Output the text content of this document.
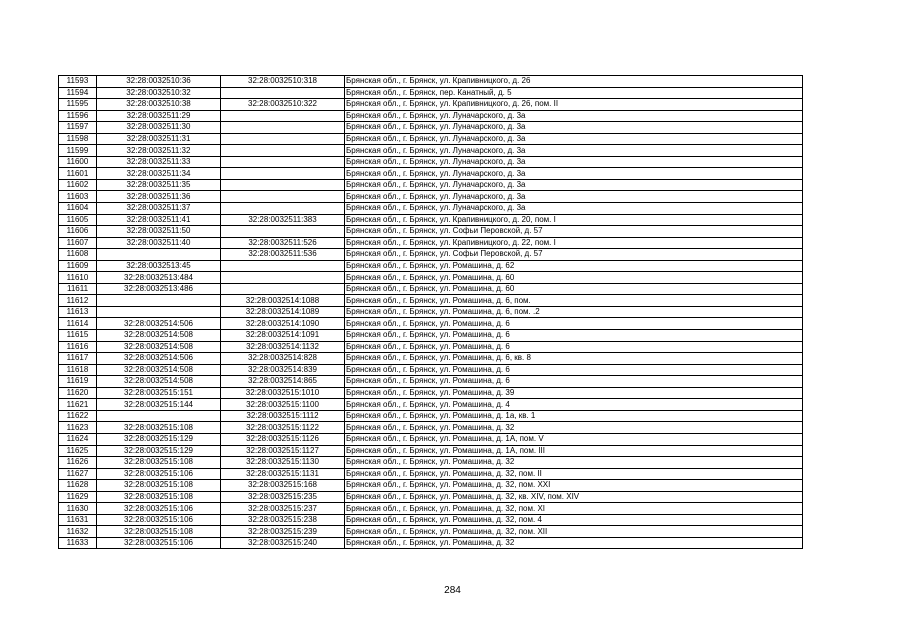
11593	32:28:0032510:36	32:28:0032510:318	Брянская обл., г. Брянск, ул. Крапивницкого, д. 26
11594	32:28:0032510:32		Брянская обл., г. Брянск, пер. Канатный, д. 5
11595	32:28:0032510:38	32:28:0032510:322	Брянская обл., г. Брянск, ул. Крапивницкого, д. 26, пом. II
11596	32:28:0032511:29		Брянская обл., г. Брянск, ул. Луначарского, д. 3а
11597	32:28:0032511:30		Брянская обл., г. Брянск, ул. Луначарского, д. 3а
11598	32:28:0032511:31		Брянская обл., г. Брянск, ул. Луначарского, д. 3а
11599	32:28:0032511:32		Брянская обл., г. Брянск, ул. Луначарского, д. 3а
11600	32:28:0032511:33		Брянская обл., г. Брянск, ул. Луначарского, д. 3а
11601	32:28:0032511:34		Брянская обл., г. Брянск, ул. Луначарского, д. 3а
11602	32:28:0032511:35		Брянская обл., г. Брянск, ул. Луначарского, д. 3а
11603	32:28:0032511:36		Брянская обл., г. Брянск, ул. Луначарского, д. 3а
11604	32:28:0032511:37		Брянская обл., г. Брянск, ул. Луначарского, д. 3а
11605	32:28:0032511:41	32:28:0032511:383	Брянская обл., г. Брянск, ул. Крапивницкого, д. 20, пом. I
11606	32:28:0032511:50		Брянская обл., г. Брянск, ул. Софьи Перовской, д. 57
11607	32:28:0032511:40	32:28:0032511:526	Брянская обл., г. Брянск, ул. Крапивницкого, д. 22, пом. I
11608		32:28:0032511:536	Брянская обл., г. Брянск, ул. Софьи Перовской, д. 57
11609	32:28:0032513:45		Брянская обл., г. Брянск, ул. Ромашина, д. 62
11610	32:28:0032513:484		Брянская обл., г. Брянск, ул. Ромашина, д. 60
11611	32:28:0032513:486		Брянская обл., г. Брянск, ул. Ромашина, д. 60
11612		32:28:0032514:1088	Брянская обл., г. Брянск, ул. Ромашина, д. 6, пом.
11613		32:28:0032514:1089	Брянская обл., г. Брянск, ул. Ромашина, д. 6, пом. .2
11614	32:28:0032514:506	32:28:0032514:1090	Брянская обл., г. Брянск, ул. Ромашина, д. 6
11615	32:28:0032514:508	32:28:0032514:1091	Брянская обл., г. Брянск, ул. Ромашина, д. 6
11616	32:28:0032514:508	32:28:0032514:1132	Брянская обл., г. Брянск, ул. Ромашина, д. 6
11617	32:28:0032514:506	32:28:0032514:828	Брянская обл., г. Брянск, ул. Ромашина, д. 6, кв. 8
11618	32:28:0032514:508	32:28:0032514:839	Брянская обл., г. Брянск, ул. Ромашина, д. 6
11619	32:28:0032514:508	32:28:0032514:865	Брянская обл., г. Брянск, ул. Ромашина, д. 6
11620	32:28:0032515:151	32:28:0032515:1010	Брянская обл., г. Брянск, ул. Ромашина, д. 39
11621	32:28:0032515:144	32:28:0032515:1100	Брянская обл., г. Брянск, ул. Ромашина, д. 4
11622		32:28:0032515:1112	Брянская обл., г. Брянск, ул. Ромашина, д. 1а, кв. 1
11623	32:28:0032515:108	32:28:0032515:1122	Брянская обл., г. Брянск, ул. Ромашина, д. 32
11624	32:28:0032515:129	32:28:0032515:1126	Брянская обл., г. Брянск, ул. Ромашина, д. 1А, пом. V
11625	32:28:0032515:129	32:28:0032515:1127	Брянская обл., г. Брянск, ул. Ромашина, д. 1А, пом. III
11626	32:28:0032515:108	32:28:0032515:1130	Брянская обл., г. Брянск, ул. Ромашина, д. 32
11627	32:28:0032515:106	32:28:0032515:1131	Брянская обл., г. Брянск, ул. Ромашина, д. 32, пом. II
11628	32:28:0032515:108	32:28:0032515:168	Брянская обл., г. Брянск, ул. Ромашина, д. 32, пом. XXI
11629	32:28:0032515:108	32:28:0032515:235	Брянская обл., г. Брянск, ул. Ромашина, д. 32, кв. XIV, пом. XIV
11630	32:28:0032515:106	32:28:0032515:237	Брянская обл., г. Брянск, ул. Ромашина, д. 32, пом. XI
11631	32:28:0032515:106	32:28:0032515:238	Брянская обл., г. Брянск, ул. Ромашина, д. 32, пом. 4
11632	32:28:0032515:108	32:28:0032515:239	Брянская обл., г. Брянск, ул. Ромашина, д. 32, пом. XII
11633	32:28:0032515:106	32:28:0032515:240	Брянская обл., г. Брянск, ул. Ромашина, д. 32
284
